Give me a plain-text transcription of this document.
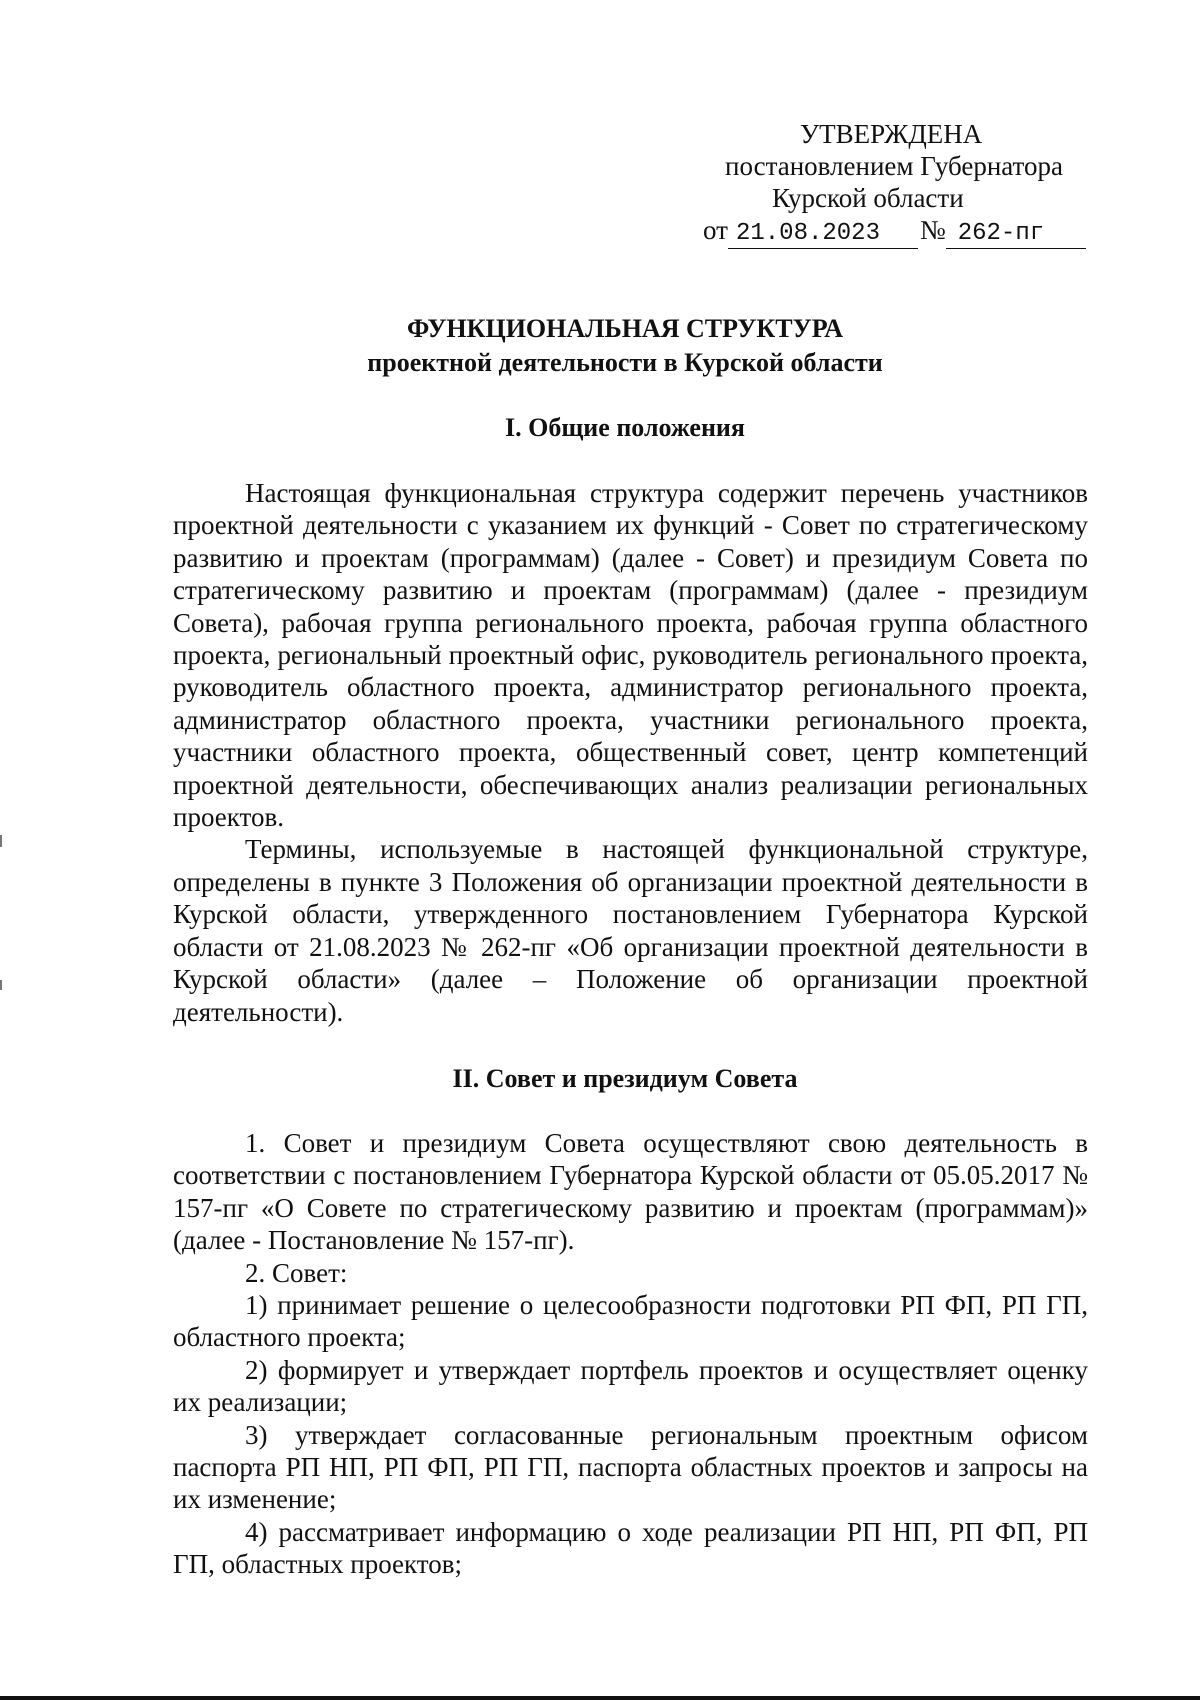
УТВЕРЖДЕНА
постановлением Губернатора
Курской области
от 21.08.2023	№ 262-пг
ФУНКЦИОНАЛЬНАЯ СТРУКТУРА
проектной деятельности в Курской области
I. Общие положения

Настоящая функциональная структура содержит перечень участников проектной деятельности с указанием их функций - Совет по стратегическому развитию и проектам (программам) (далее - Совет) и президиум Совета по стратегическому развитию и проектам (программам) (далее - президиум Совета), рабочая группа регионального проекта, рабочая группа областного проекта, региональный проектный офис, руководитель регионального проекта, руководитель областного проекта, администратор регионального проекта, администратор областного проекта, участники регионального проекта, участники областного проекта, общественный совет, центр компетенций проектной деятельности, обеспечивающих анализ реализации региональных проектов.

Термины, используемые в настоящей функциональной структуре, определены в пункте 3 Положения об организации проектной деятельности в Курской области, утвержденного постановлением Губернатора Курской области от 21.08.2023 № 262-пг «Об организации проектной деятельности в Курской области» (далее – Положение об организации проектной деятельности).

II. Совет и президиум Совета

1. Совет и президиум Совета осуществляют свою деятельность в соответствии с постановлением Губернатора Курской области от 05.05.2017 № 157-пг «О Совете по стратегическому развитию и проектам (программам)» (далее - Постановление № 157-пг).

2. Совет:

1) принимает решение о целесообразности подготовки РП ФП, РП ГП, областного проекта;

2) формирует и утверждает портфель проектов и осуществляет оценку их реализации;

3) утверждает согласованные региональным проектным офисом паспорта РП НП, РП ФП, РП ГП, паспорта областных проектов и запросы на их изменение;

4) рассматривает информацию о ходе реализации РП НП, РП ФП, РП ГП, областных проектов;
